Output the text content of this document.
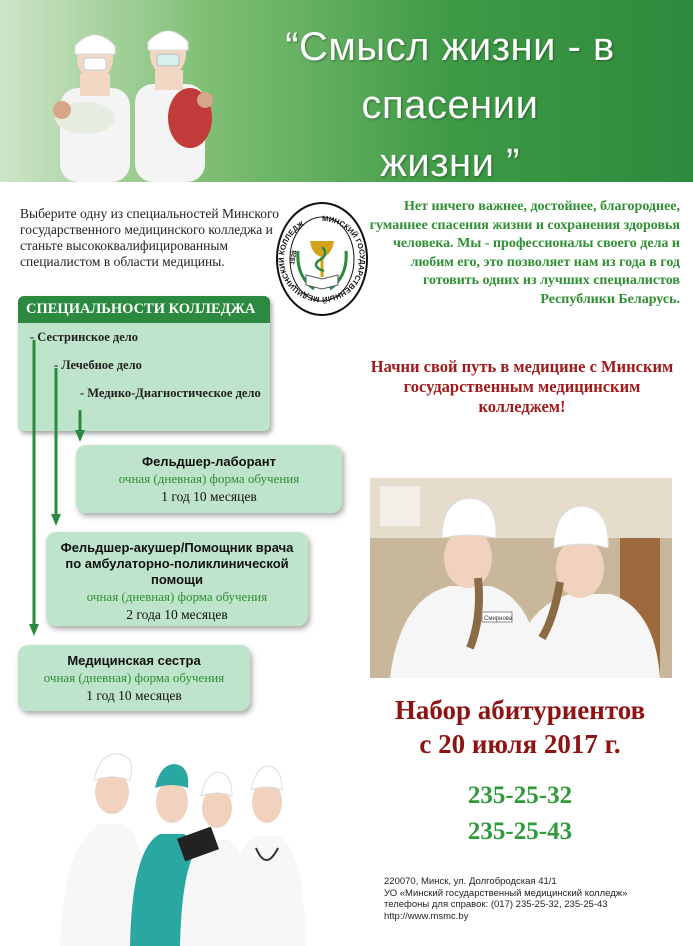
“Смысл жизни - в спасении
жизни ”
Выберите одну из специальностей Минского государственного медицинского колледжа и станьте высококвалифицированным специалистом в области медицины.
МИНСКИЙ ГОСУДАРСТВЕННЫЙ МЕДИЦИНСКИЙ КОЛЛЕДЖ
1928
Нет ничего важнее, достойнее, благороднее, гуманнее спасения жизни и сохранения здоровья человека. Мы - профессионалы своего дела и любим его, это позволяет нам из года в год готовить одних из лучших специалистов Республики Беларусь.
СПЕЦИАЛЬНОСТИ КОЛЛЕДЖА
- Сестринское дело
- Лечебное дело
- Медико-Диагностическое дело
Фельдшер-лаборант
очная (дневная) форма обучения
1 год 10 месяцев
Фельдшер-акушер/Помощник врача по амбулаторно-поликлинической помощи
очная (дневная) форма обучения
2 года 10 месяцев
Медицинская сестра
очная (дневная) форма обучения
1 год 10 месяцев
Начни свой путь в медицине с Минским государственным медицинским колледжем!
Смирнова
Набор абитуриентов
с 20 июля 2017 г.
235-25-32
235-25-43
220070, Минск, ул. Долгобродская 41/1
УО «Минский государственный медицинский колледж»
телефоны для справок: (017) 235-25-32, 235-25-43
http://www.msmc.by
